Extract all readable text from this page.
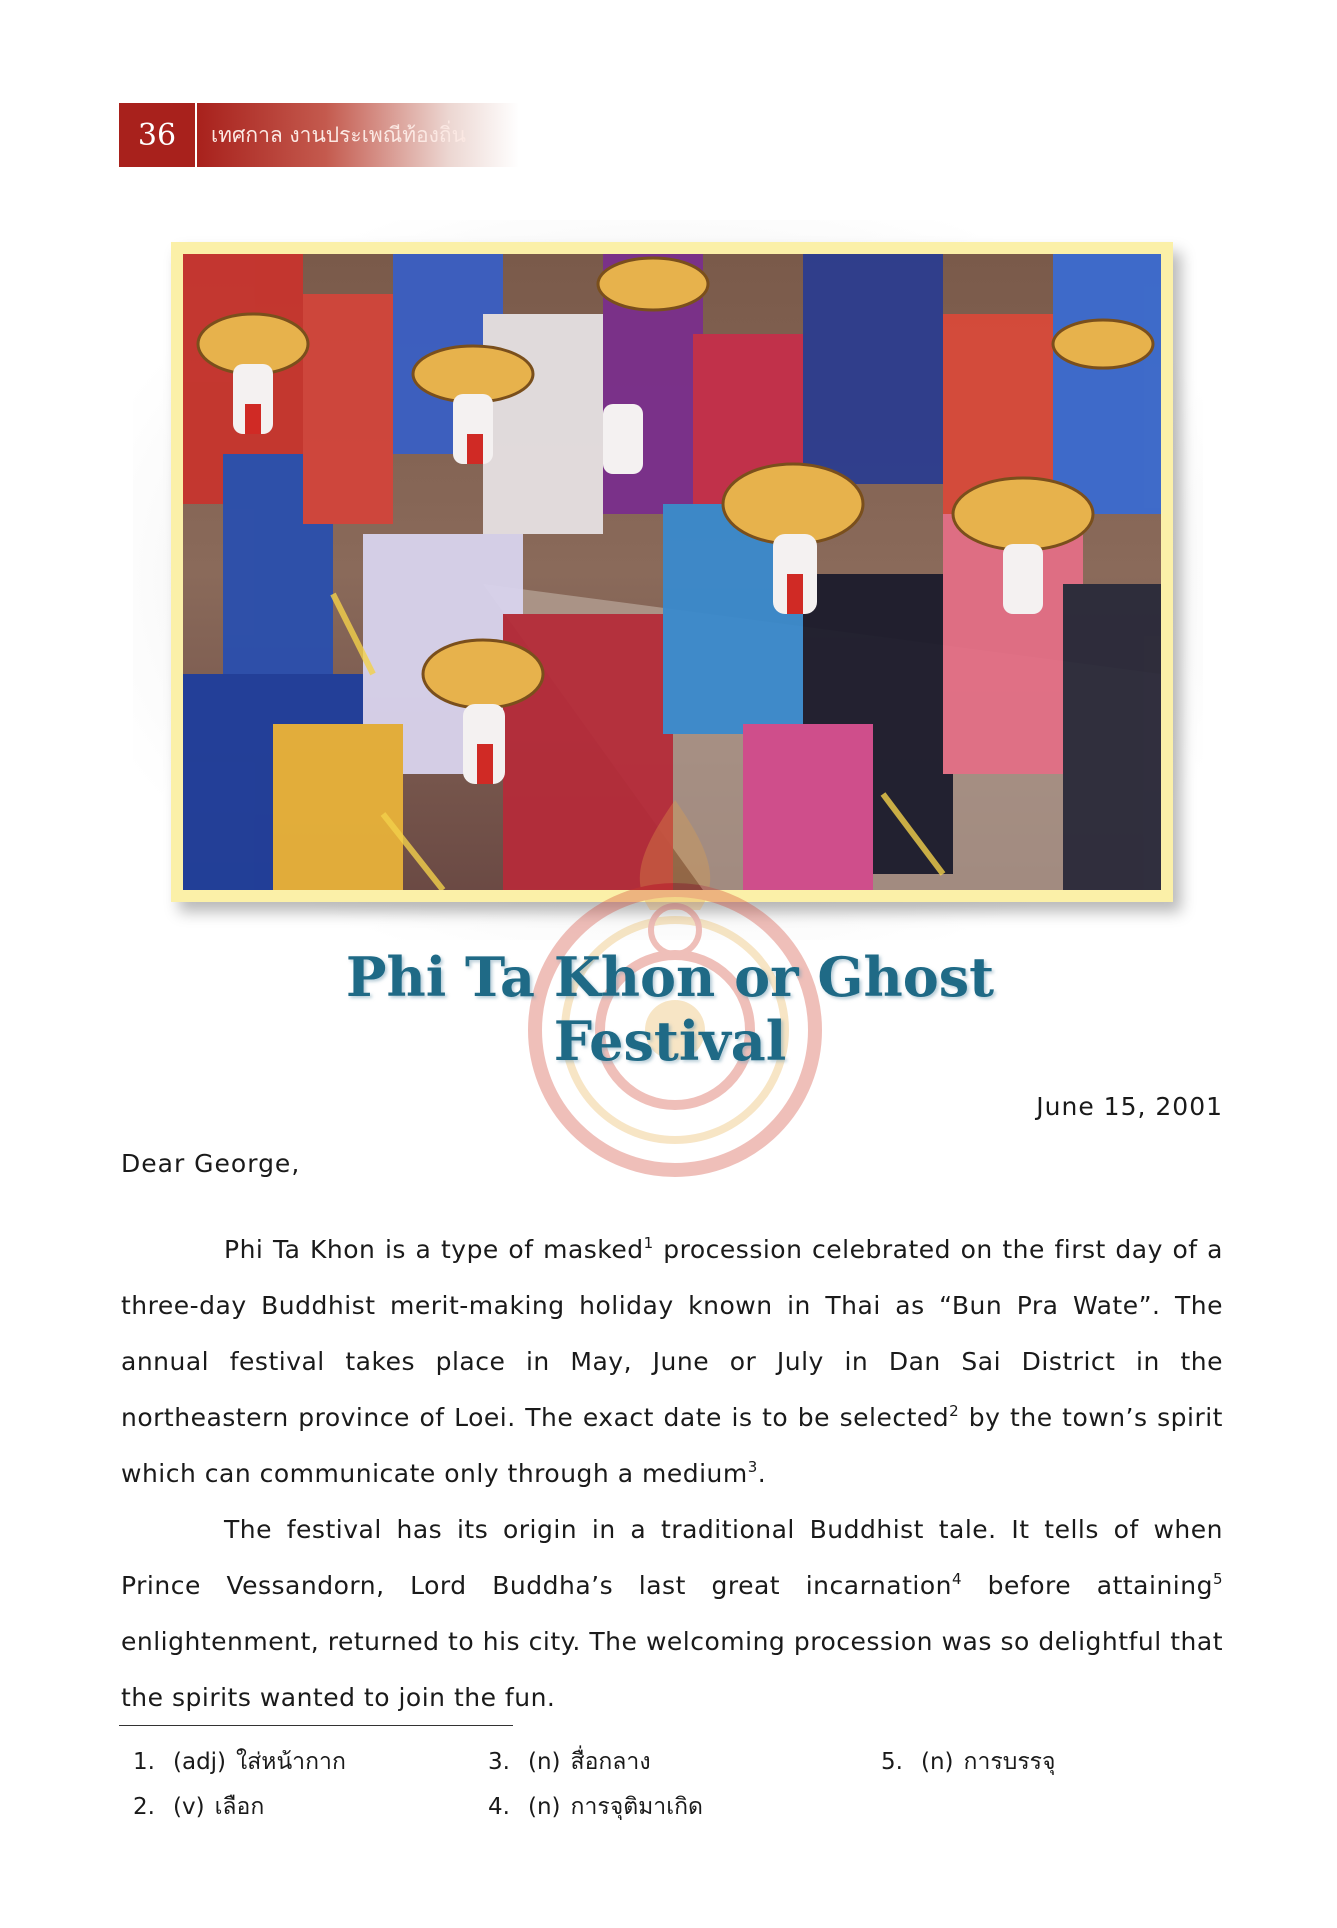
36	เทศกาล งานประเพณีท้องถิ่น
Phi Ta Khon or Ghost Festival
June 15, 2001
Dear George,

Phi Ta Khon is a type of masked$^1$ procession celebrated on the first day of a three-day Buddhist merit-making holiday known in Thai as “Bun Pra Wate”. The annual festival takes place in May, June or July in Dan Sai District in the northeastern province of Loei. The exact date is to be selected$^2$ by the town’s spirit which can communicate only through a medium$^3$.

The festival has its origin in a traditional Buddhist tale. It tells of when Prince Vessandorn, Lord Buddha’s last great incarnation$^4$ before attaining$^5$ enlightenment, returned to his city. The welcoming procession was so delightful that the spirits wanted to join the fun.

1. (adj) ใส่หน้ากาก
2. (v) เลือก
3. (n) สื่อกลาง
4. (n) การจุติมาเกิด
5. (n) การบรรจุ
